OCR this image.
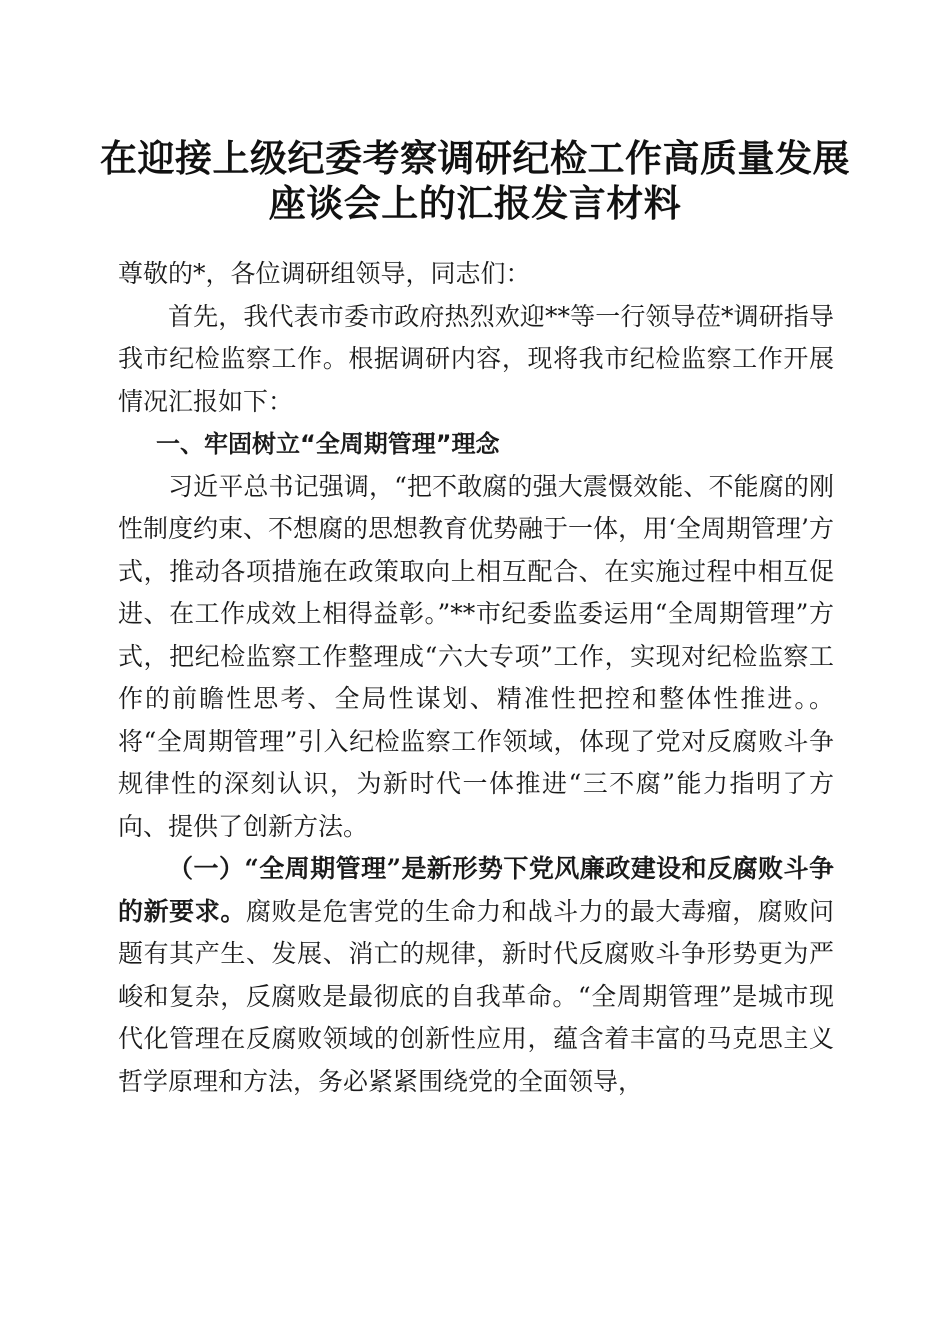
在迎接上级纪委考察调研纪检工作高质量发展
座谈会上的汇报发言材料

尊敬的*，各位调研组领导，同志们：

首先，我代表市委市政府热烈欢迎**等一行领导莅*调研指导我市纪检监察工作。根据调研内容，现将我市纪检监察工作开展情况汇报如下：

一、牢固树立“全周期管理”理念

习近平总书记强调，“把不敢腐的强大震慑效能、不能腐的刚性制度约束、不想腐的思想教育优势融于一体，用‘全周期管理’方式，推动各项措施在政策取向上相互配合、在实施过程中相互促进、在工作成效上相得益彰。”**市纪委监委运用“全周期管理”方式，把纪检监察工作整理成“六大专项”工作，实现对纪检监察工作的前瞻性思考、全局性谋划、精准性把控和整体性推进。。将“全周期管理”引入纪检监察工作领域，体现了党对反腐败斗争规律性的深刻认识，为新时代一体推进“三不腐”能力指明了方向、提供了创新方法。

（一）“全周期管理”是新形势下党风廉政建设和反腐败斗争的新要求。腐败是危害党的生命力和战斗力的最大毒瘤，腐败问题有其产生、发展、消亡的规律，新时代反腐败斗争形势更为严峻和复杂，反腐败是最彻底的自我革命。“全周期管理”是城市现代化管理在反腐败领域的创新性应用，蕴含着丰富的马克思主义哲学原理和方法，务必紧紧围绕党的全面领导，
